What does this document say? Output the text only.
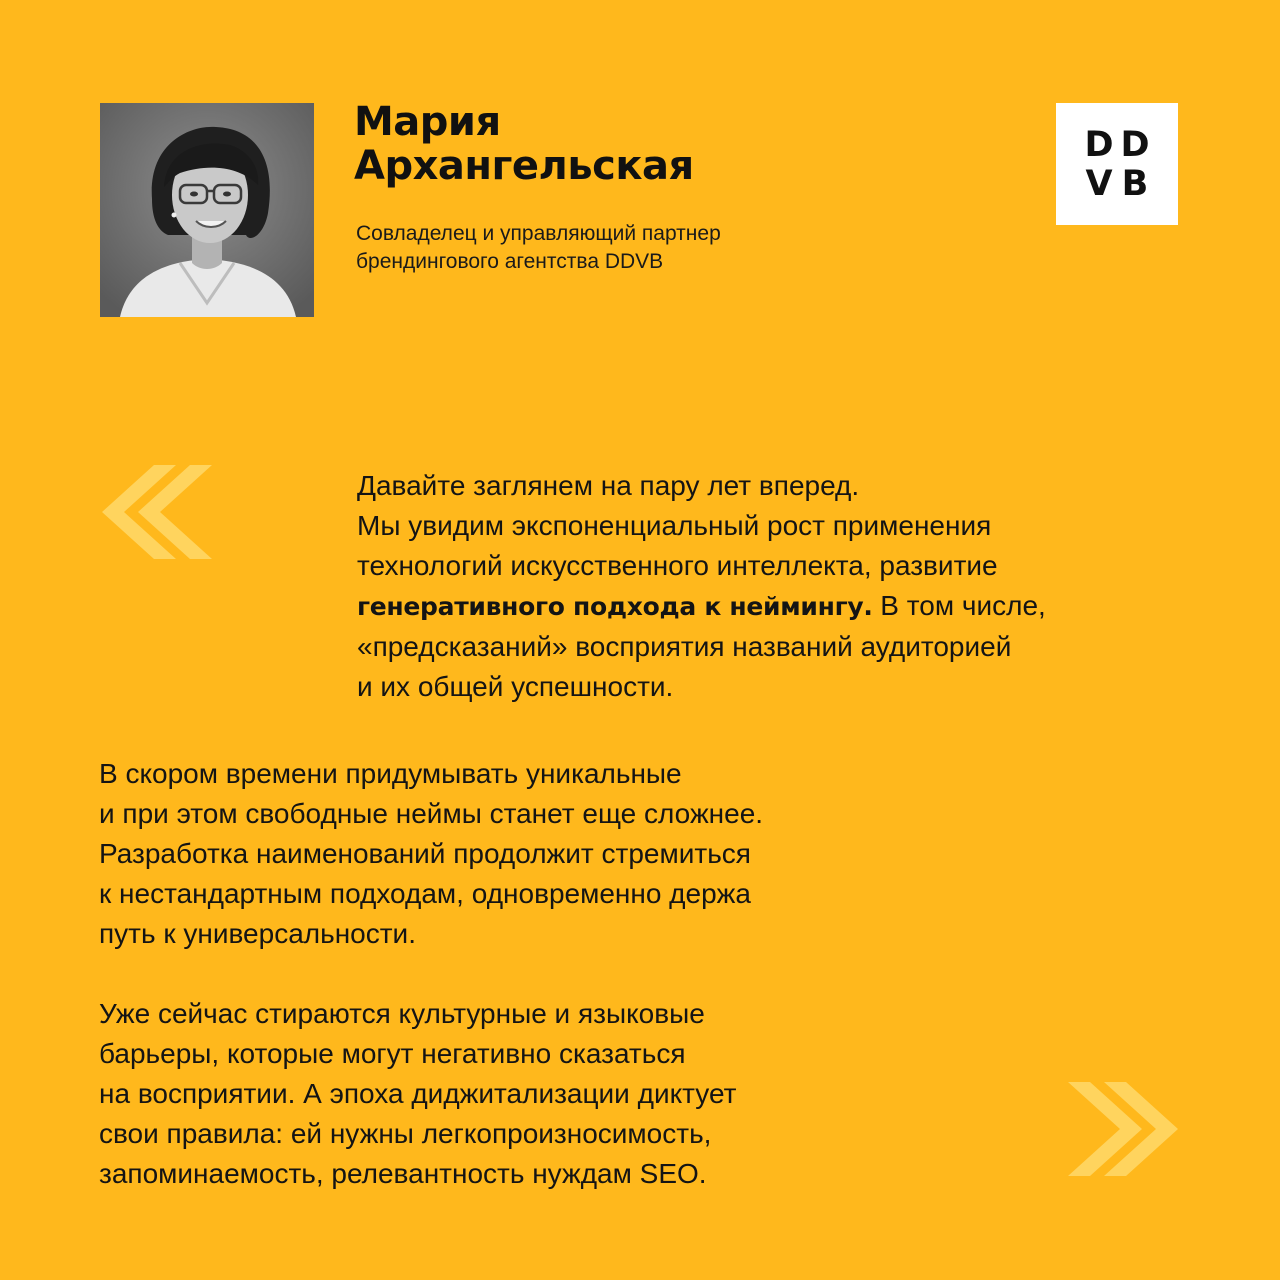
Мария
Архангельская

Совладелец и управляющий партнер
брендингового агентства DDVB

D D
V B

Давайте заглянем на пару лет вперед.
Мы увидим экспоненциальный рост применения
технологий искусственного интеллекта, развитие
генеративного подхода к неймингу. В том числе,
«предсказаний» восприятия названий аудиторией
и их общей успешности.

В скором времени придумывать уникальные
и при этом свободные неймы станет еще сложнее.
Разработка наименований продолжит стремиться
к нестандартным подходам, одновременно держа
путь к универсальности.

Уже сейчас стираются культурные и языковые
барьеры, которые могут негативно сказаться
на восприятии. А эпоха диджитализации диктует
свои правила: ей нужны легкопроизносимость,
запоминаемость, релевантность нуждам SEO.
